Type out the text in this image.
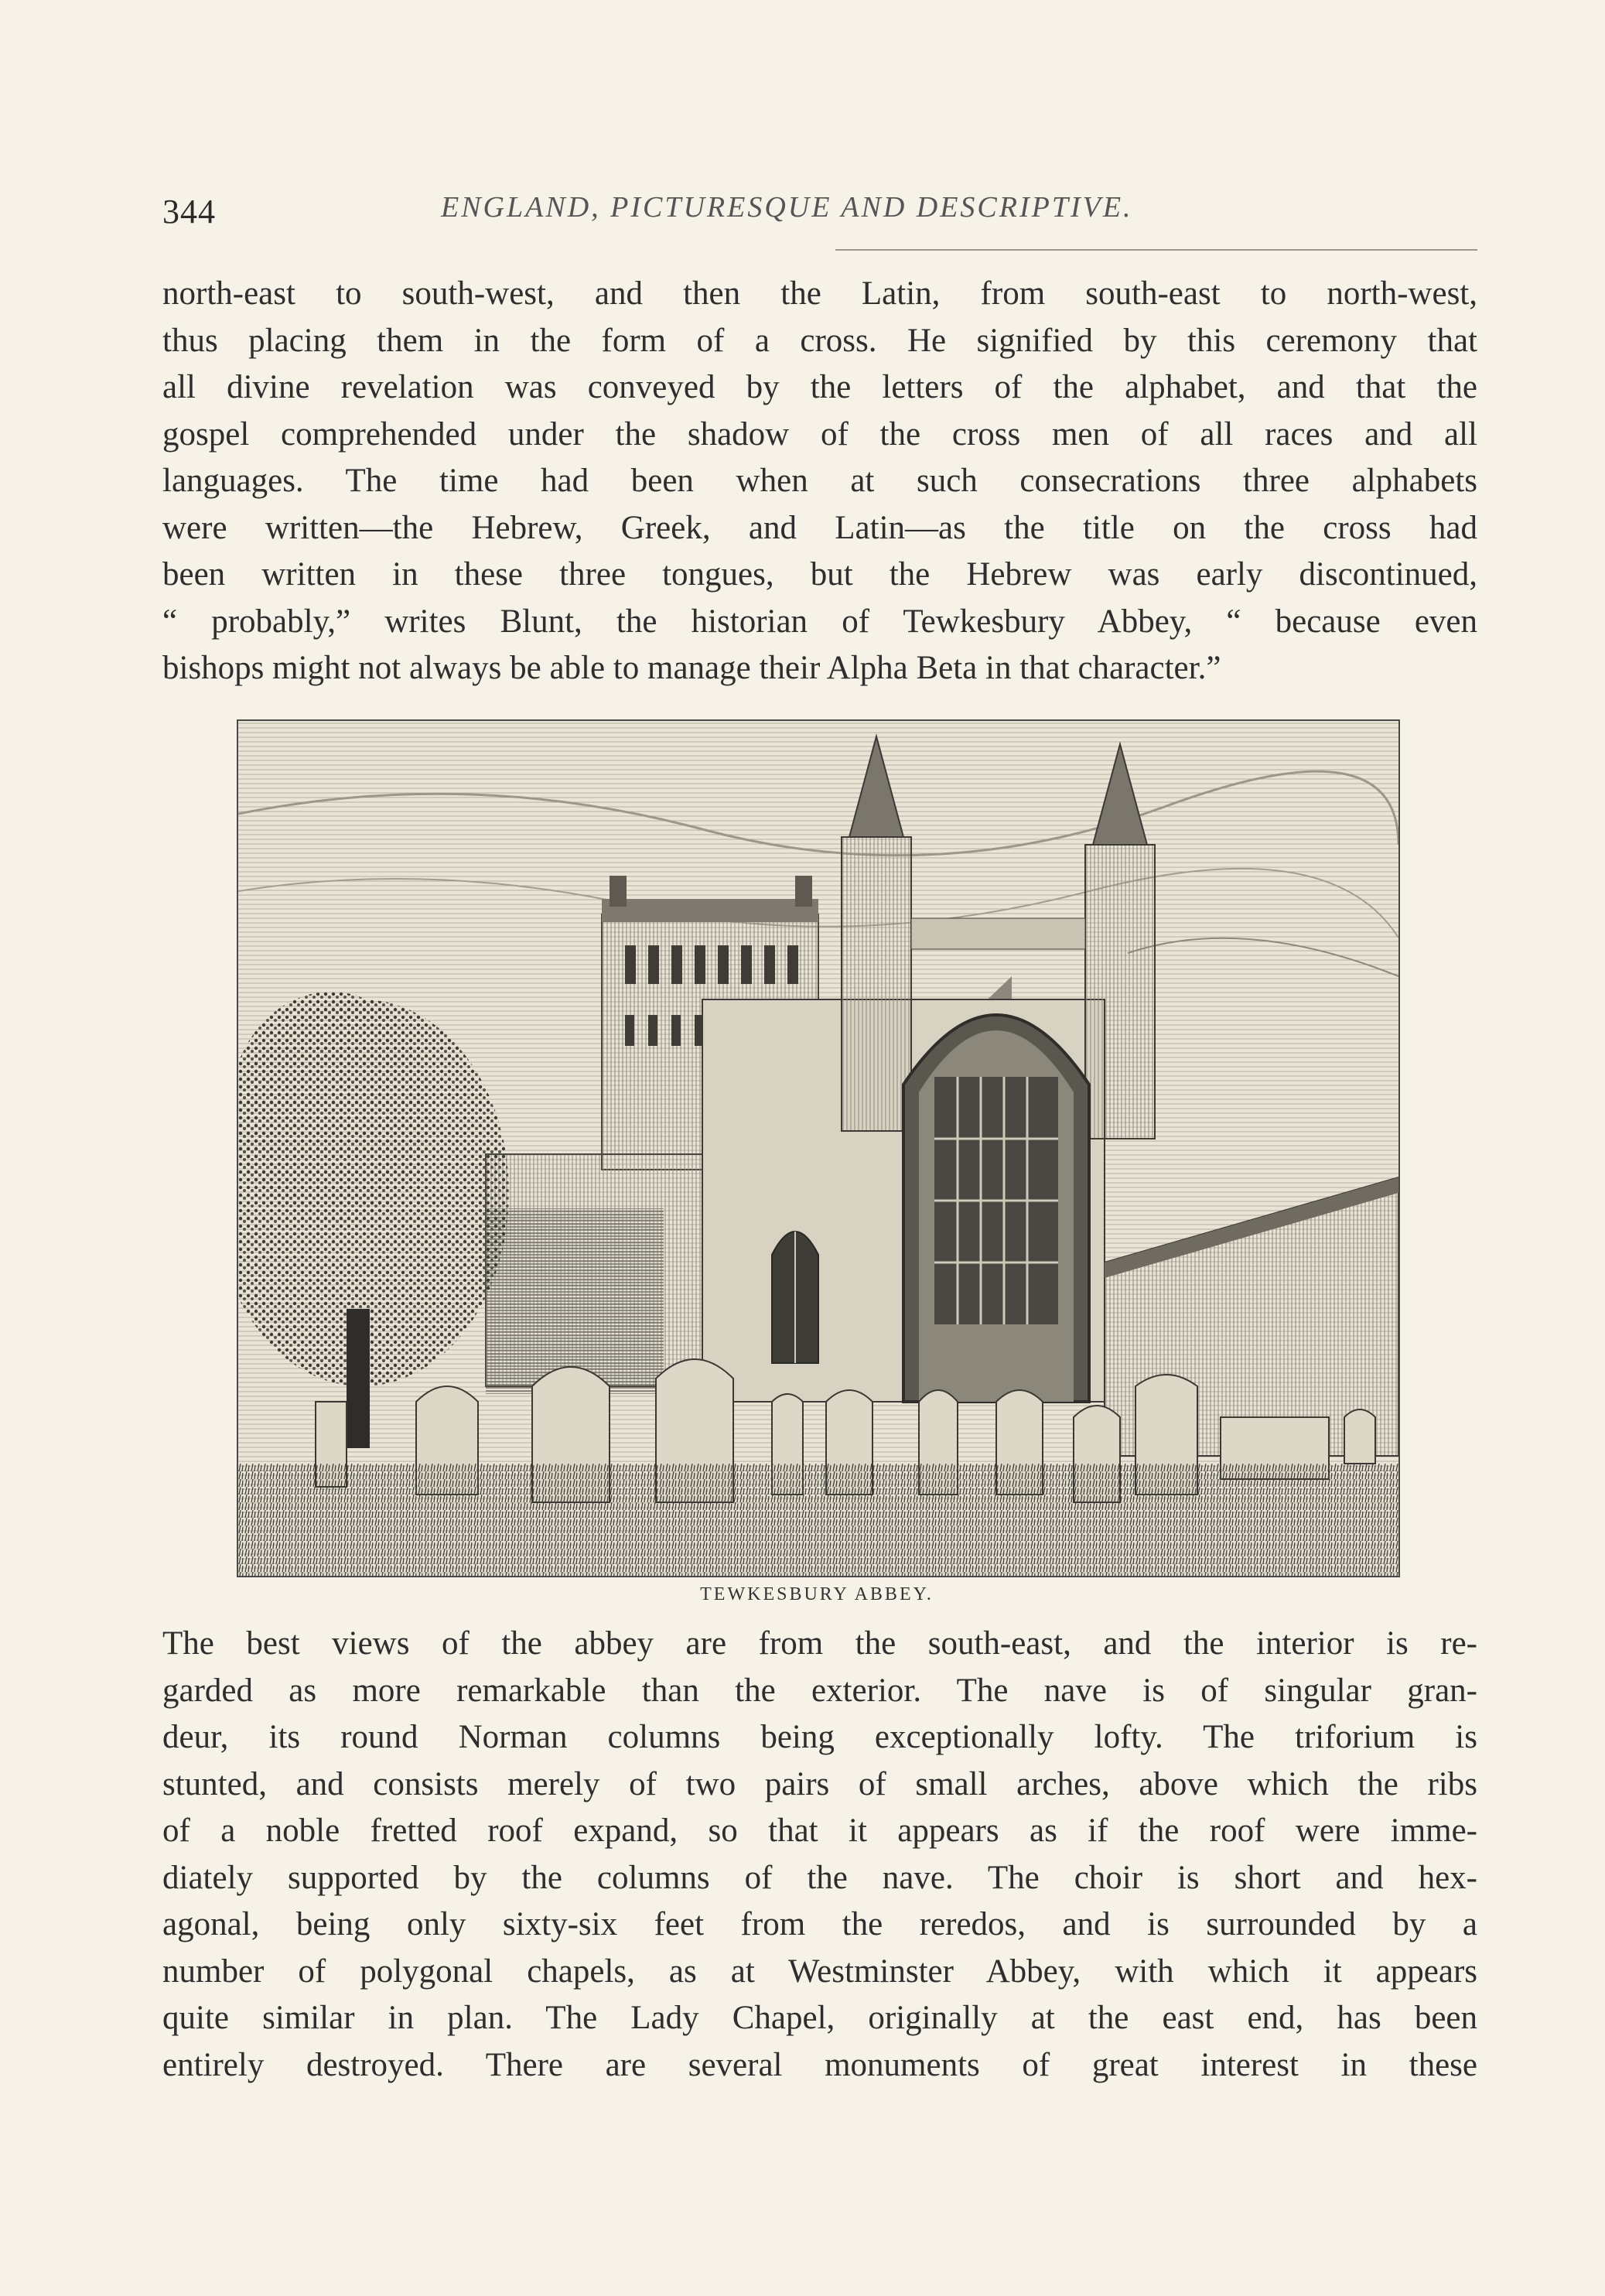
344	ENGLAND, PICTURESQUE AND DESCRIPTIVE.
north-east to south-west, and then the Latin, from south-east to north-west,
thus placing them in the form of a cross. He signified by this ceremony that
all divine revelation was conveyed by the letters of the alphabet, and that the
gospel comprehended under the shadow of the cross men of all races and all
languages. The time had been when at such consecrations three alphabets
were written—the Hebrew, Greek, and Latin—as the title on the cross had
been written in these three tongues, but the Hebrew was early discontinued,
“ probably,” writes Blunt, the historian of Tewkesbury Abbey, “ because even
bishops might not always be able to manage their Alpha Beta in that character.”
TEWKESBURY ABBEY.
The best views of the abbey are from the south-east, and the interior is re-
garded as more remarkable than the exterior. The nave is of singular gran-
deur, its round Norman columns being exceptionally lofty. The triforium is
stunted, and consists merely of two pairs of small arches, above which the ribs
of a noble fretted roof expand, so that it appears as if the roof were imme-
diately supported by the columns of the nave. The choir is short and hex-
agonal, being only sixty-six feet from the reredos, and is surrounded by a
number of polygonal chapels, as at Westminster Abbey, with which it appears
quite similar in plan. The Lady Chapel, originally at the east end, has been
entirely destroyed. There are several monuments of great interest in these
